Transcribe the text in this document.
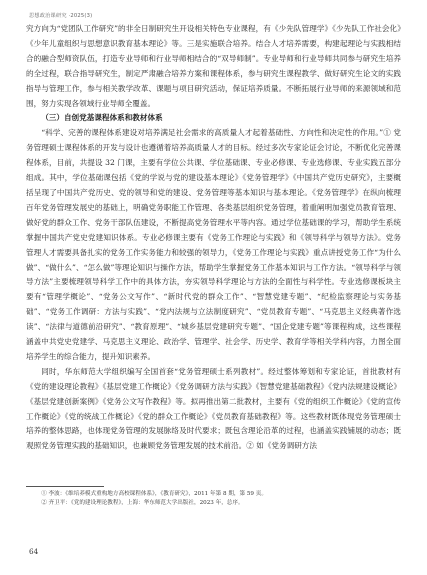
思想政治课研究 ·2025(3)

究方向为“党团队工作研究”的非全日制研究生开设相关特色专业课程，有《少先队管理学》《少先队工作社会化》《少年儿童组织与思想意识教育基本理论》等。三是实施联合培养。结合人才培养需要，构建起理论与实践相结合的融合型师资队伍，打造专业导师和行业导师相结合的“双导师制”。专业导师和行业导师共同参与研究生培养的全过程，联合指导研究生，制定严肃融合培养方案和课程体系，参与研究生课程教学、做好研究生论文的实践指导与管理工作，参与相关教学改革、课题与项目研究活动，保证培养质量。不断拓展行业导师的来源领域和范围，努力实现各领域行业导师全覆盖。

（三）自创党基课程体系和教材体系

“科学、完善的课程体系建设对培养满足社会需求的高质量人才起着基础性、方向性和决定性的作用。”① 党务管理硕士课程体系的开发与设计也遵循着培养高质量人才的目标。经过多次专家论证会讨论，不断优化完善课程体系，目前，共提设 32 门课，主要有学位公共课、学位基础课、专业必修课、专业选修课、专业实践五部分组成。其中，学位基础课包括《党的学说与党的建设基本理论》《党务管理学》《中国共产党历史研究》，主要概括呈现了中国共产党历史、党的领导和党的建设、党务管理等基本知识与基本理论。《党务管理学》在纵向梳理百年党务管理发展史的基础上，明确党务职能工作管理、各类基层组织党务管理，着重阐明加强党员教育管理、做好党的群众工作、党务干部队伍建设，不断提高党务管理水平等内容。通过学位基础课的学习，帮助学生系统掌握中国共产党史党建知识体系。专业必修课主要有《党务工作理论与实践》和《领导科学与领导方法》。党务管理人才需要具备扎实的党务工作实务能力和较强的领导力，《党务工作理论与实践》重点讲授党务工作“为什么做”、“做什么”、“怎么做”等理论知识与操作方法，帮助学生掌握党务工作基本知识与工作方法。“领导科学与领导方法”主要梳理领导科学工作中的具体方法，夯实领导科学理论与方法的全面性与科学性。专业选修课板块主要有“管理学概论”、“党务公文写作”、“新时代党的群众工作”、“智慧党建专题”、“纪检监察理论与实务基础”、“党务工作调研：方法与实践”、“党内法规与立法制度研究”、“党员教育专题”、“马克思主义经典著作选读”、“法律与道德前沿研究”、“教育原理”、“城乡基层党建研究专题”、“国企党建专题”等课程构成，这些课程涵盖中共党史党建学、马克思主义理论、政治学、管理学、社会学、历史学、教育学等相关学科内容，力图全面培养学生的综合能力，提升知识素养。

同时，华东师范大学组织编写全国首套“党务管理硕士系列教材”。经过整体筹划和专家论证，首批教材有《党的建设理论教程》《基层党建工作概论》《党务调研方法与实践》《智慧党建基础教程》《党内法规建设概论》《基层党建创新案例》《党务公文写作教程》等。拟再推出第二批教材，主要有《党的组织工作概论》《党的宣传工作概论》《党的统战工作概论》《党的群众工作概论》《党员教育基础教程》等。这些教材既体现党务管理硕士培养的整体思路，也体现党务管理的发展脉络及时代要求；既包含理论沿革的过程，也涵盖实践铺展的动态；既观照党务管理实践的基础知识，也兼顾党务管理发展的技术前沿。② 如《党务调研方法

① 李波：《维培养模式重构地方高校课程体系》，《教育研究》，2011 年第 8 期，第 59 页。

② 齐卫平：《党的建设理论教程》，上海：华东师范大学出版社，2023 年，总序。

64
